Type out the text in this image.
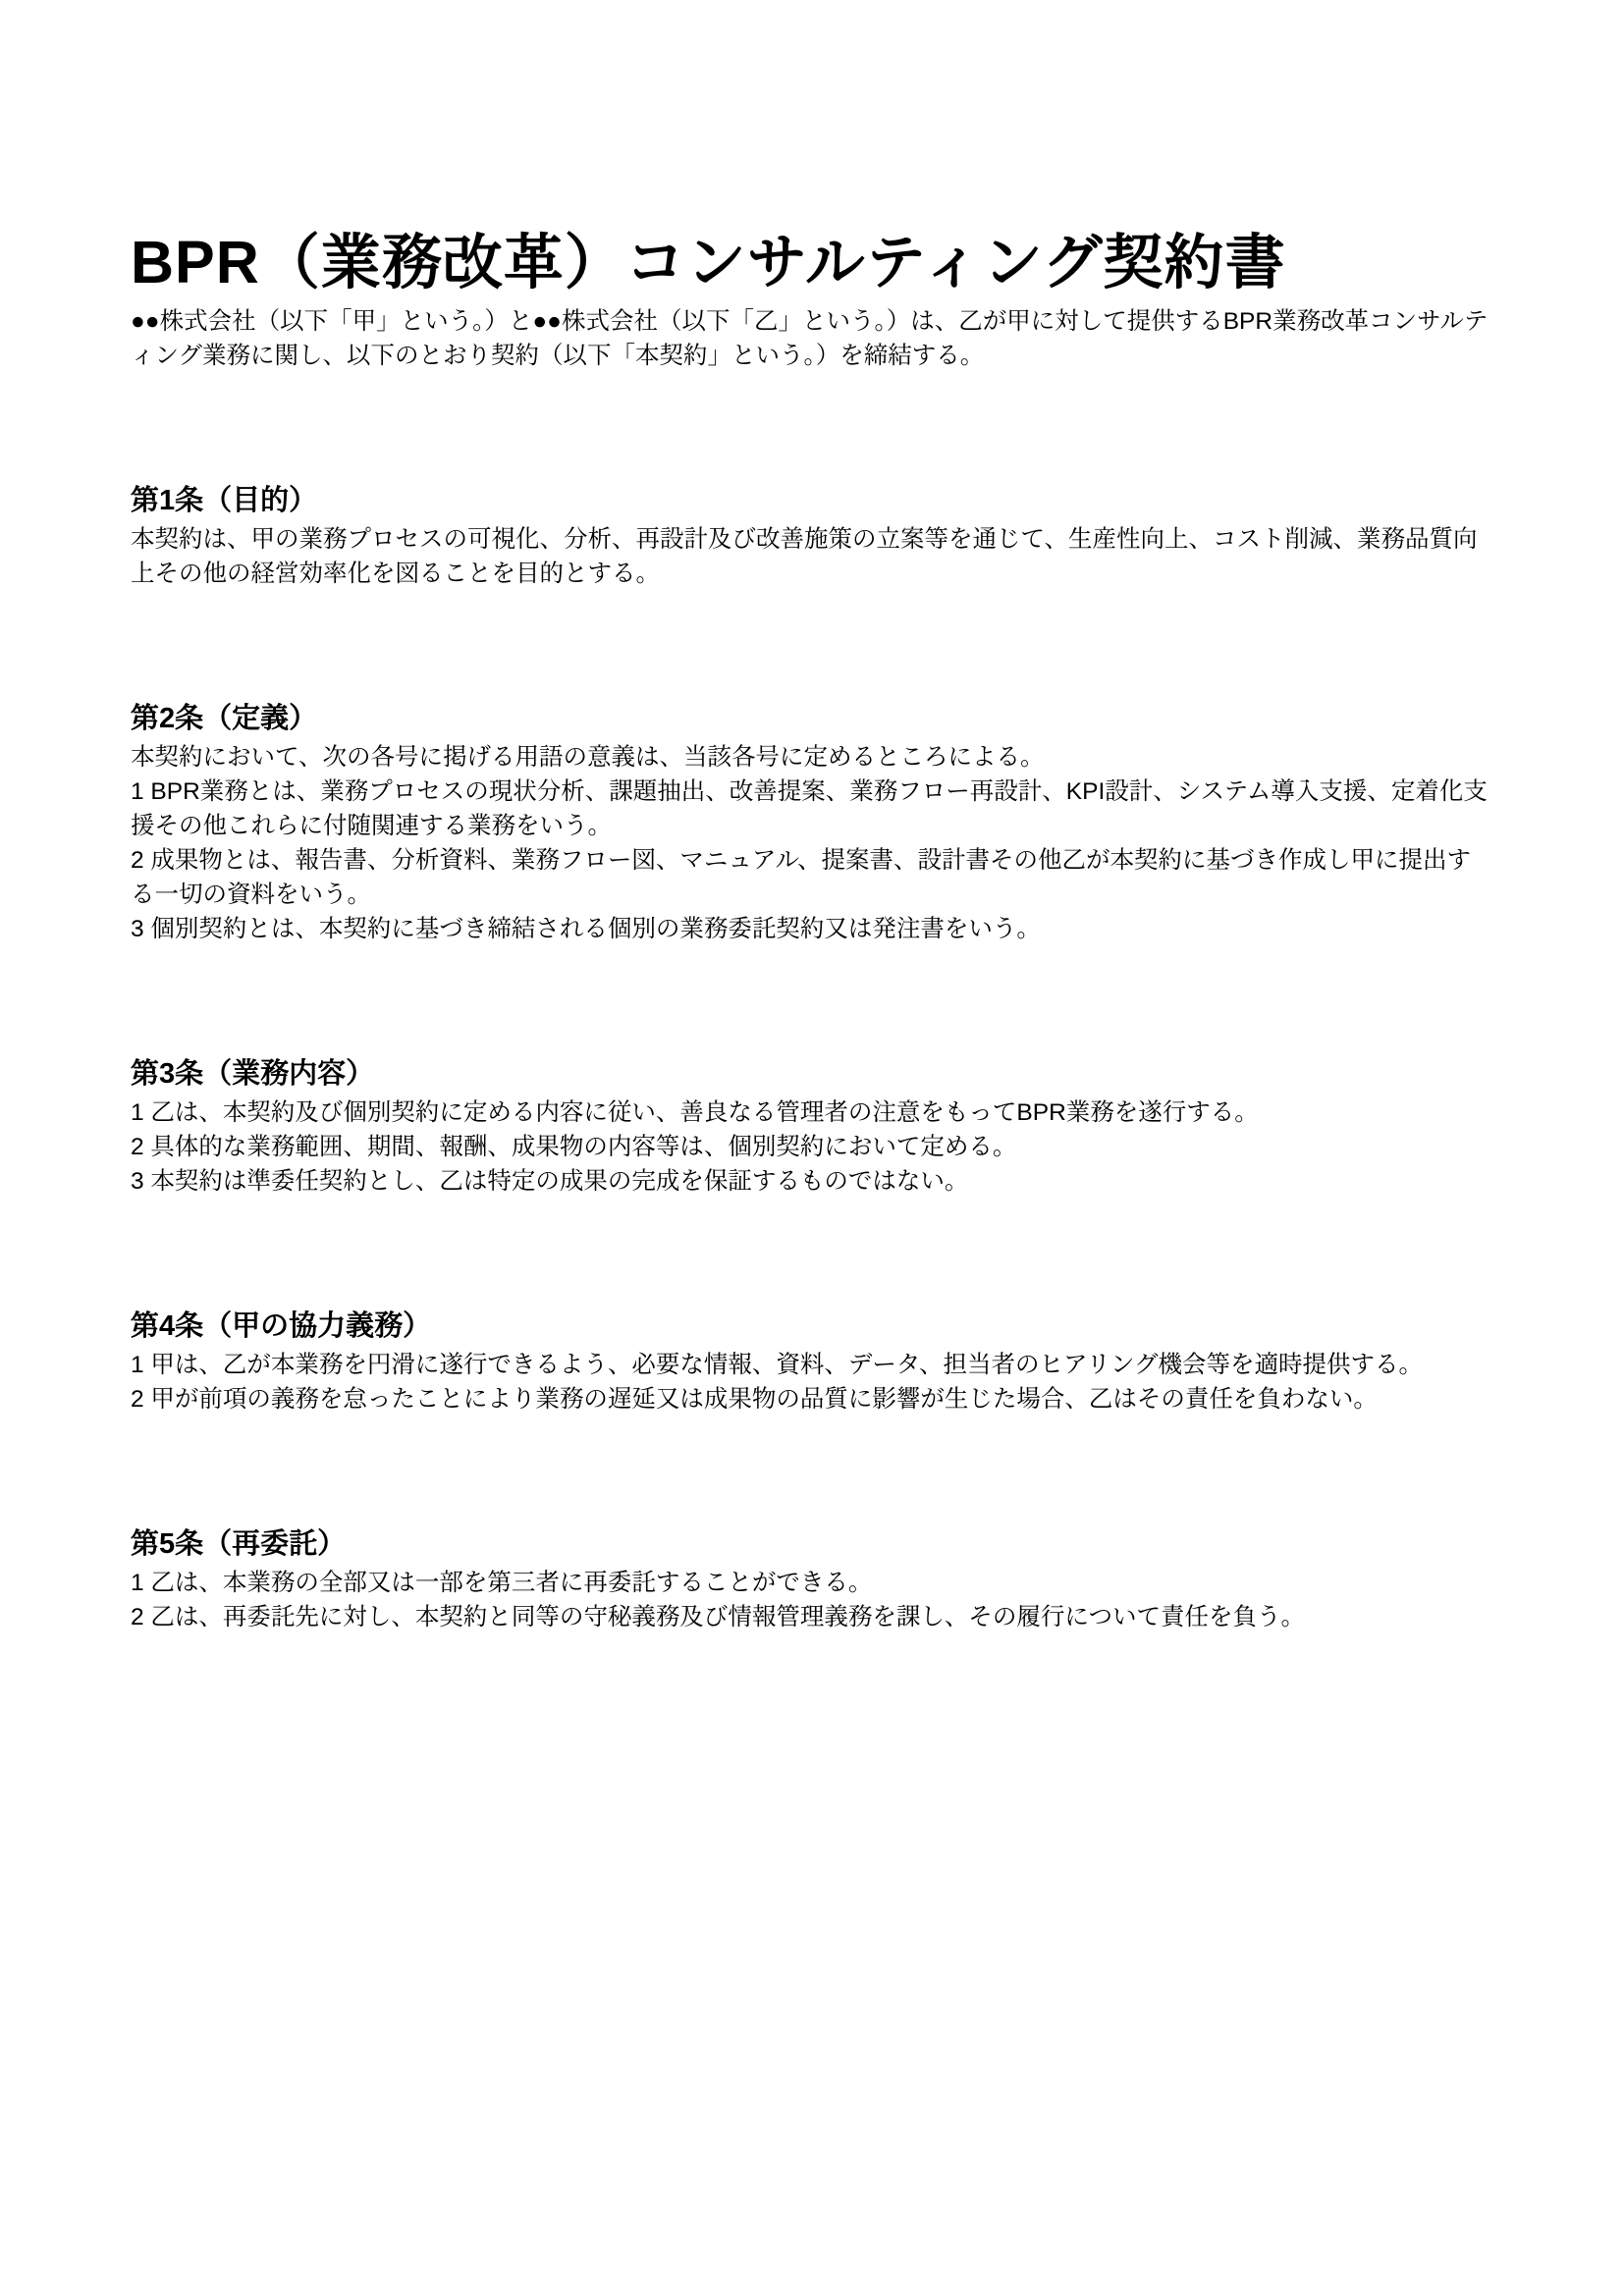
BPR（業務改革）コンサルティング契約書

●●株式会社（以下「甲」という。）と●●株式会社（以下「乙」という。）は、乙が甲に対して提供するBPR業務改革コンサルティング業務に関し、以下のとおり契約（以下「本契約」という。）を締結する。

第1条（目的）

本契約は、甲の業務プロセスの可視化、分析、再設計及び改善施策の立案等を通じて、生産性向上、コスト削減、業務品質向上その他の経営効率化を図ることを目的とする。

第2条（定義）

本契約において、次の各号に掲げる用語の意義は、当該各号に定めるところによる。

1 BPR業務とは、業務プロセスの現状分析、課題抽出、改善提案、業務フロー再設計、KPI設計、システム導入支援、定着化支援その他これらに付随関連する業務をいう。

2 成果物とは、報告書、分析資料、業務フロー図、マニュアル、提案書、設計書その他乙が本契約に基づき作成し甲に提出する一切の資料をいう。

3 個別契約とは、本契約に基づき締結される個別の業務委託契約又は発注書をいう。

第3条（業務内容）

1 乙は、本契約及び個別契約に定める内容に従い、善良なる管理者の注意をもってBPR業務を遂行する。

2 具体的な業務範囲、期間、報酬、成果物の内容等は、個別契約において定める。

3 本契約は準委任契約とし、乙は特定の成果の完成を保証するものではない。

第4条（甲の協力義務）

1 甲は、乙が本業務を円滑に遂行できるよう、必要な情報、資料、データ、担当者のヒアリング機会等を適時提供する。

2 甲が前項の義務を怠ったことにより業務の遅延又は成果物の品質に影響が生じた場合、乙はその責任を負わない。

第5条（再委託）

1 乙は、本業務の全部又は一部を第三者に再委託することができる。

2 乙は、再委託先に対し、本契約と同等の守秘義務及び情報管理義務を課し、その履行について責任を負う。
